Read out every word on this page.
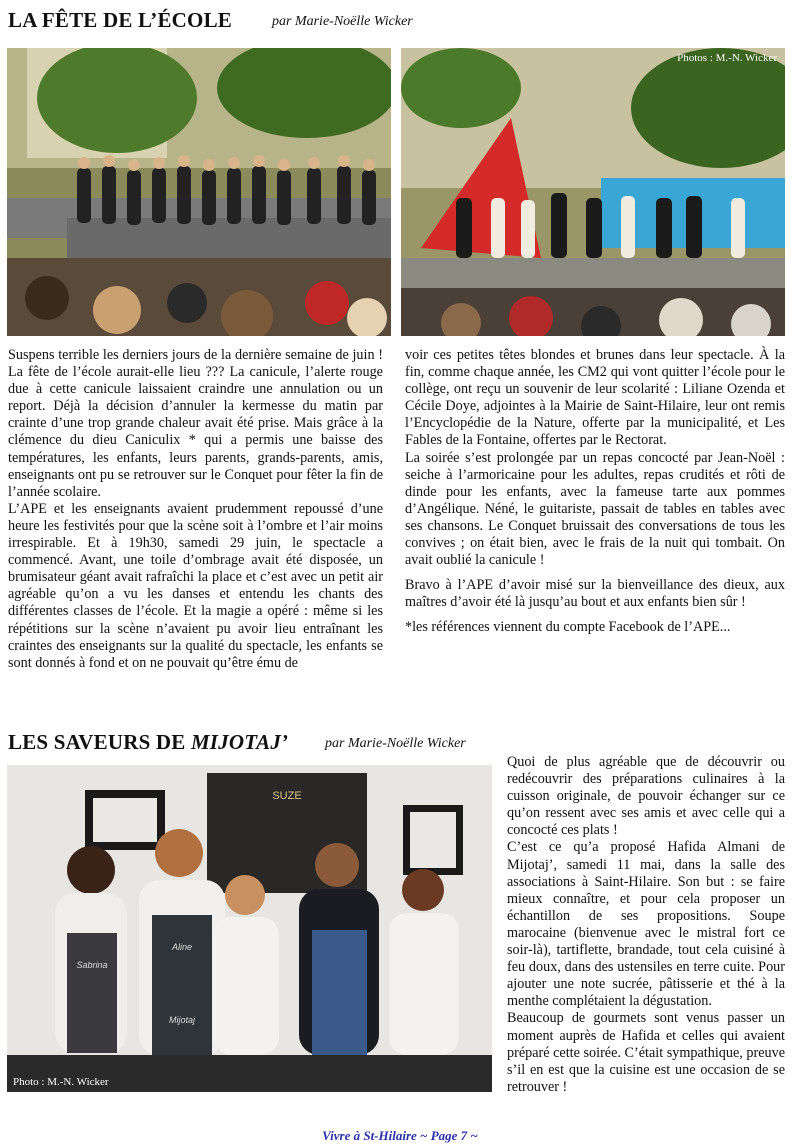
LA FÊTE DE L’ÉCOLE	par Marie-Noëlle Wicker
Photos : M.-N. Wicker

Suspens terrible les derniers jours de la dernière semaine de juin ! La fête de l’école aurait-elle lieu ??? La canicule, l’alerte rouge due à cette canicule laissaient craindre une annulation ou un report. Déjà la décision d’annuler la kermesse du matin par crainte d’une trop grande chaleur avait été prise. Mais grâce à la clémence du dieu Caniculix * qui a permis une baisse des températures, les enfants, leurs parents, grands-parents, amis, enseignants ont pu se retrouver sur le Conquet pour fêter la fin de l’année scolaire.

L’APE et les enseignants avaient prudemment repoussé d’une heure les festivités pour que la scène soit à l’ombre et l’air moins irrespirable. Et à 19h30, samedi 29 juin, le spectacle a commencé. Avant, une toile d’ombrage avait été disposée, un brumisateur géant avait rafraîchi la place et c’est avec un petit air agréable qu’on a vu les danses et entendu les chants des différentes classes de l’école. Et la magie a opéré : même si les répétitions sur la scène n’avaient pu avoir lieu entraînant les craintes des enseignants sur la qualité du spectacle, les enfants se sont donnés à fond et on ne pouvait qu’être ému de

voir ces petites têtes blondes et brunes dans leur spectacle. À la fin, comme chaque année, les CM2 qui vont quitter l’école pour le collège, ont reçu un souvenir de leur scolarité : Liliane Ozenda et Cécile Doye, adjointes à la Mairie de Saint-Hilaire, leur ont remis l’Encyclopédie de la Nature, offerte par la municipalité, et Les Fables de la Fontaine, offertes par le Rectorat.

La soirée s’est prolongée par un repas concocté par Jean-Noël : seiche à l’armoricaine pour les adultes, repas crudités et rôti de dinde pour les enfants, avec la fameuse tarte aux pommes d’Angélique. Néné, le guitariste, passait de tables en tables avec ses chansons. Le Conquet bruissait des conversations de tous les convives ; on était bien, avec le frais de la nuit qui tombait. On avait oublié la canicule !

Bravo à l’APE d’avoir misé sur la bienveillance des dieux, aux maîtres d’avoir été là jusqu’au bout et aux enfants bien sûr !

*les références viennent du compte Facebook de l’APE...

LES SAVEURS DE MIJOTAJ’	par Marie-Noëlle Wicker
SUZE
Sabrina
Aline
Mijotaj
Photo : M.-N. Wicker

Quoi de plus agréable que de découvrir ou redécouvrir des préparations culinaires à la cuisson originale, de pouvoir échanger sur ce qu’on ressent avec ses amis et avec celle qui a concocté ces plats !

C’est ce qu’a proposé Hafida Almani de Mijotaj’, samedi 11 mai, dans la salle des associations à Saint-Hilaire. Son but : se faire mieux connaître, et pour cela proposer un échantillon de ses propositions. Soupe marocaine (bienvenue avec le mistral fort ce soir-là), tartiflette, brandade, tout cela cuisiné à feu doux, dans des ustensiles en terre cuite. Pour ajouter une note sucrée, pâtisserie et thé à la menthe complétaient la dégustation.

Beaucoup de gourmets sont venus passer un moment auprès de Hafida et celles qui avaient préparé cette soirée. C’était sympathique, preuve s’il en est que la cuisine est une occasion de se retrouver !

Vivre à St-Hilaire ~ Page 7 ~
